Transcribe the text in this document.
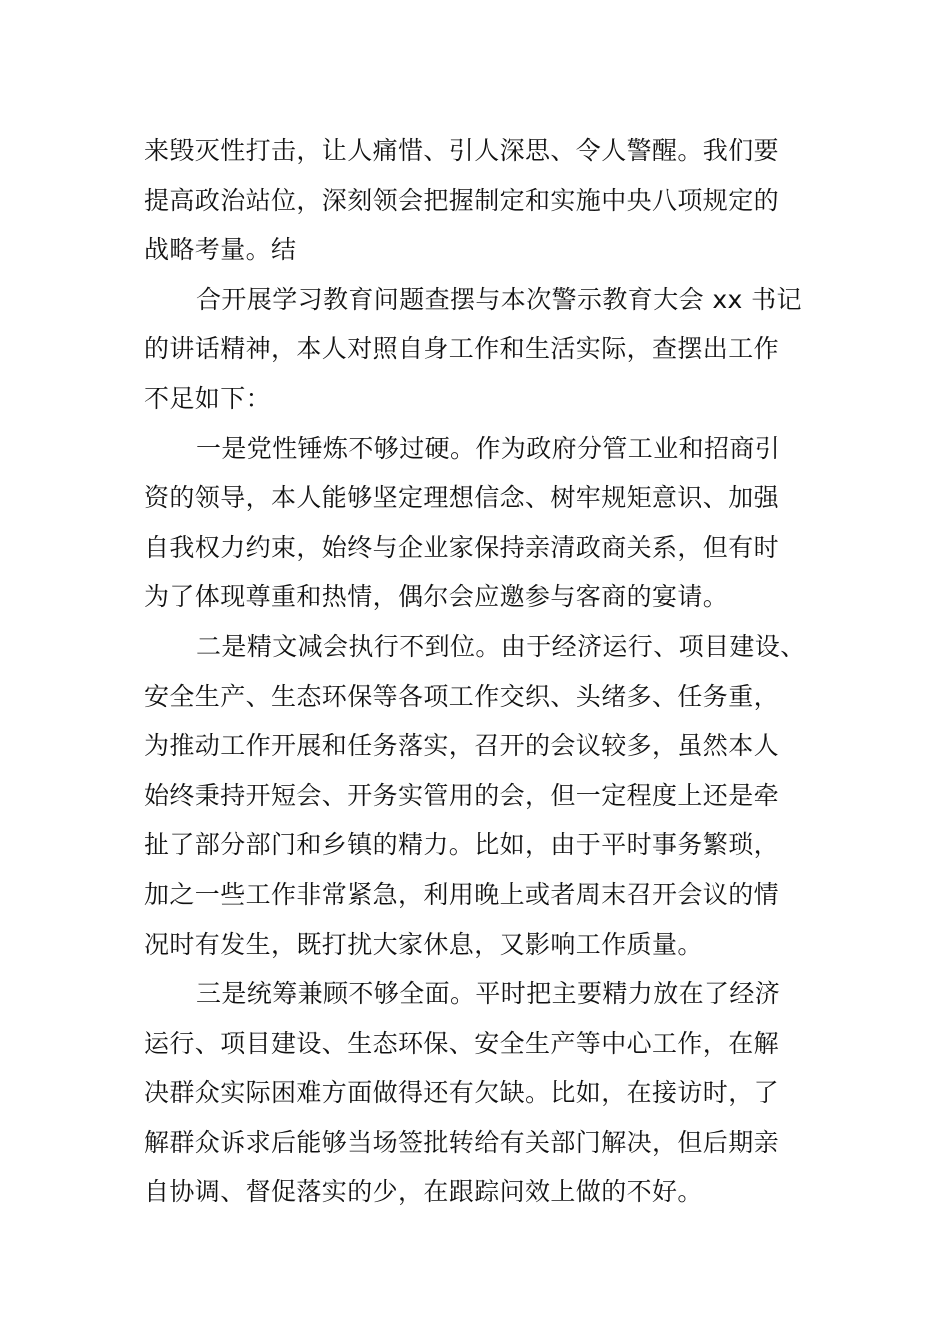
来毁灭性打击，让人痛惜、引人深思、令人警醒。我们要
提高政治站位，深刻领会把握制定和实施中央八项规定的
战略考量。结

合开展学习教育问题查摆与本次警示教育大会 xx 书记
的讲话精神，本人对照自身工作和生活实际，查摆出工作
不足如下：

一是党性锤炼不够过硬。作为政府分管工业和招商引
资的领导，本人能够坚定理想信念、树牢规矩意识、加强
自我权力约束，始终与企业家保持亲清政商关系，但有时
为了体现尊重和热情，偶尔会应邀参与客商的宴请。

二是精文减会执行不到位。由于经济运行、项目建设、
安全生产、生态环保等各项工作交织、头绪多、任务重，
为推动工作开展和任务落实，召开的会议较多，虽然本人
始终秉持开短会、开务实管用的会，但一定程度上还是牵
扯了部分部门和乡镇的精力。比如，由于平时事务繁琐，
加之一些工作非常紧急，利用晚上或者周末召开会议的情
况时有发生，既打扰大家休息，又影响工作质量。

三是统筹兼顾不够全面。平时把主要精力放在了经济
运行、项目建设、生态环保、安全生产等中心工作，在解
决群众实际困难方面做得还有欠缺。比如，在接访时，了
解群众诉求后能够当场签批转给有关部门解决，但后期亲
自协调、督促落实的少，在跟踪问效上做的不好。
